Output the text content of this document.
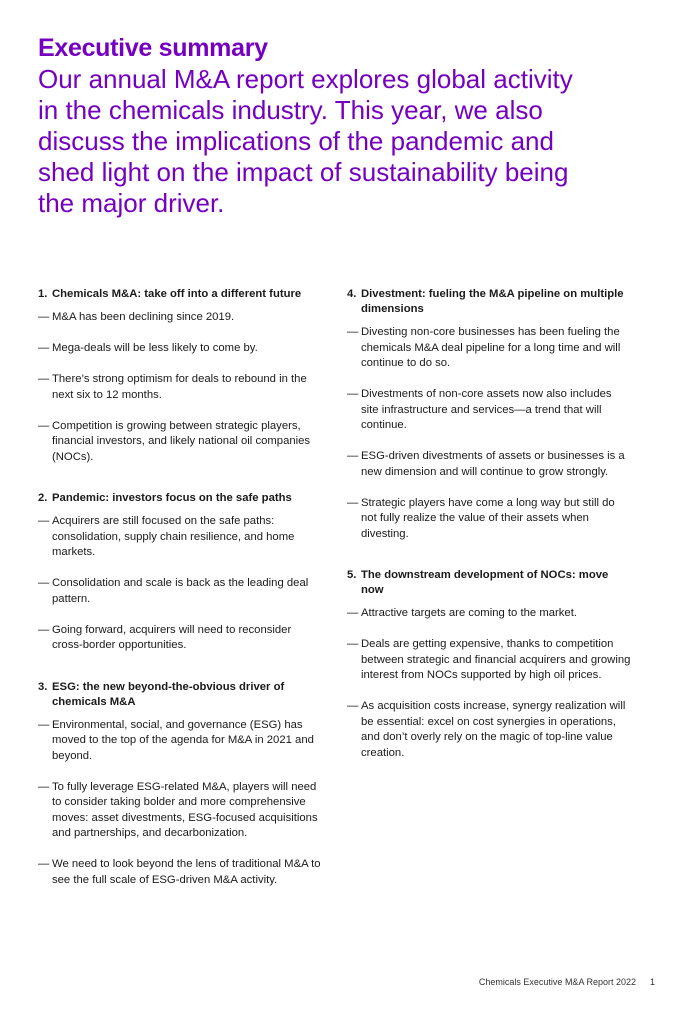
Executive summary

Our annual M&A report explores global activity in the chemicals industry. This year, we also discuss the implications of the pandemic and shed light on the impact of sustainability being the major driver.

1. Chemicals M&A: take off into a different future
— M&A has been declining since 2019.
— Mega-deals will be less likely to come by.
— There’s strong optimism for deals to rebound in the next six to 12 months.
— Competition is growing between strategic players, financial investors, and likely national oil companies (NOCs).
2. Pandemic: investors focus on the safe paths
— Acquirers are still focused on the safe paths: consolidation, supply chain resilience, and home markets.
— Consolidation and scale is back as the leading deal pattern.
— Going forward, acquirers will need to reconsider cross-border opportunities.
3. ESG: the new beyond-the-obvious driver of chemicals M&A
— Environmental, social, and governance (ESG) has moved to the top of the agenda for M&A in 2021 and beyond.
— To fully leverage ESG-related M&A, players will need to consider taking bolder and more comprehensive moves: asset divestments, ESG-focused acquisitions and partnerships, and decarbonization.
— We need to look beyond the lens of traditional M&A to see the full scale of ESG-driven M&A activity.
4. Divestment: fueling the M&A pipeline on multiple dimensions
— Divesting non-core businesses has been fueling the chemicals M&A deal pipeline for a long time and will continue to do so.
— Divestments of non-core assets now also includes site infrastructure and services—a trend that will continue.
— ESG-driven divestments of assets or businesses is a new dimension and will continue to grow strongly.
— Strategic players have come a long way but still do not fully realize the value of their assets when divesting.
5. The downstream development of NOCs: move now
— Attractive targets are coming to the market.
— Deals are getting expensive, thanks to competition between strategic and financial acquirers and growing interest from NOCs supported by high oil prices.
— As acquisition costs increase, synergy realization will be essential: excel on cost synergies in operations, and don’t overly rely on the magic of top-line value creation.
Chemicals Executive M&A Report 2022 1
